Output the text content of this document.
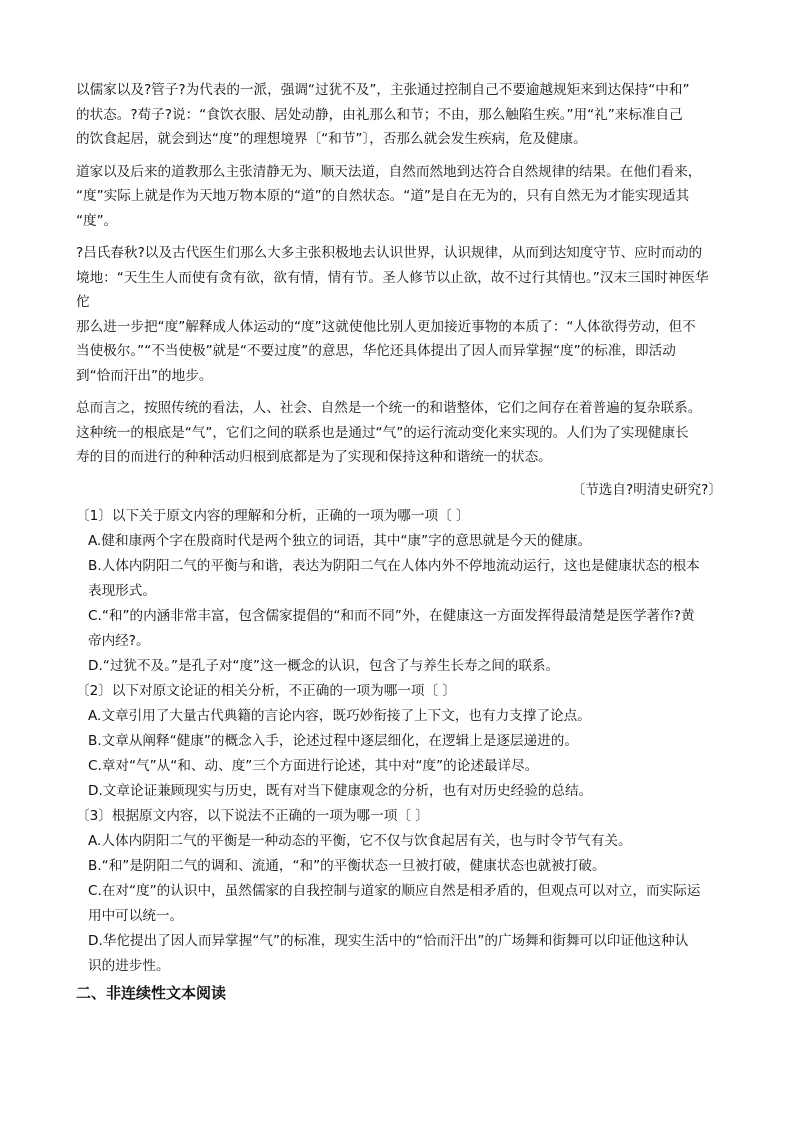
以儒家以及?管子?为代表的一派，强调“过犹不及”，主张通过控制自己不要逾越规矩来到达保持“中和”

的状态。?荀子?说：“食饮衣服、居处动静，由礼那么和节；不由，那么触陷生疾。”用“礼”来标准自己

的饮食起居，就会到达“度”的理想境界〔“和节”〕，否那么就会发生疾病，危及健康。

道家以及后来的道教那么主张清静无为、顺天法道，自然而然地到达符合自然规律的结果。在他们看来，

“度”实际上就是作为天地万物本原的“道”的自然状态。“道”是自在无为的，只有自然无为才能实现适其

“度”。

?吕氏春秋?以及古代医生们那么大多主张积极地去认识世界，认识规律，从而到达知度守节、应时而动的

境地：“天生生人而使有贪有欲，欲有情，情有节。圣人修节以止欲，故不过行其情也。”汉末三国时神医华佗

那么进一步把“度”解释成人体运动的“度”这就使他比别人更加接近事物的本质了：“人体欲得劳动，但不

当使极尔。”“不当使极”就是“不要过度”的意思，华佗还具体提出了因人而异掌握“度”的标准，即活动

到“恰而汗出”的地步。

总而言之，按照传统的看法，人、社会、自然是一个统一的和谐整体，它们之间存在着普遍的复杂联系。

这种统一的根底是“气”，它们之间的联系也是通过“气”的运行流动变化来实现的。人们为了实现健康长

寿的目的而进行的种种活动归根到底都是为了实现和保持这种和谐统一的状态。

〔节选自?明清史研究?〕
〔1〕以下关于原文内容的理解和分析，正确的一项为哪一项〔 〕
A.健和康两个字在殷商时代是两个独立的词语，其中“康”字的意思就是今天的健康。
B.人体内阴阳二气的平衡与和谐，表达为阴阳二气在人体内外不停地流动运行，这也是健康状态的根本
表现形式。
C.“和”的内涵非常丰富，包含儒家提倡的“和而不同”外，在健康这一方面发挥得最清楚是医学著作?黄
帝内经?。
D.“过犹不及。”是孔子对“度”这一概念的认识，包含了与养生长寿之间的联系。
〔2〕以下对原文论证的相关分析，不正确的一项为哪一项〔 〕
A.文章引用了大量古代典籍的言论内容，既巧妙衔接了上下文，也有力支撑了论点。
B.文章从阐释“健康”的概念入手，论述过程中逐层细化，在逻辑上是逐层递进的。
C.章对“气”从“和、动、度”三个方面进行论述，其中对“度”的论述最详尽。
D.文章论证兼顾现实与历史，既有对当下健康观念的分析，也有对历史经验的总结。
〔3〕根据原文内容，以下说法不正确的一项为哪一项〔 〕
A.人体内阴阳二气的平衡是一种动态的平衡，它不仅与饮食起居有关，也与时令节气有关。
B.“和”是阴阳二气的调和、流通，“和”的平衡状态一旦被打破，健康状态也就被打破。
C.在对“度”的认识中，虽然儒家的自我控制与道家的顺应自然是相矛盾的，但观点可以对立，而实际运
用中可以统一。
D.华佗提出了因人而异掌握“气”的标准，现实生活中的“恰而汗出”的广场舞和街舞可以印证他这种认
识的进步性。
二、非连续性文本阅读
